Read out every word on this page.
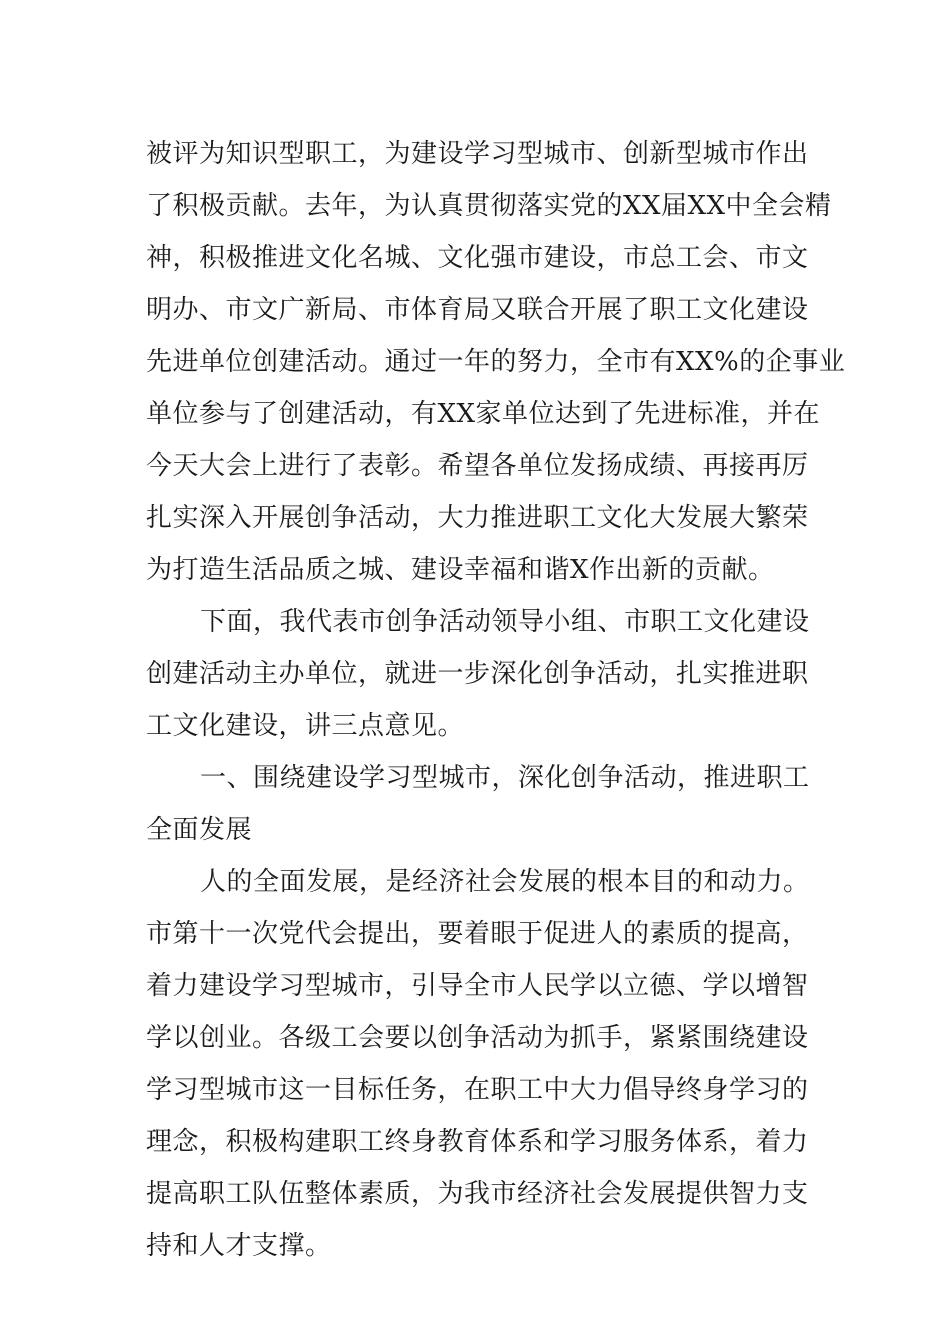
被评为知识型职工，为建设学习型城市、创新型城市作出
了积极贡献。去年，为认真贯彻落实党的XX届XX中全会精
神，积极推进文化名城、文化强市建设，市总工会、市文
明办、市文广新局、市体育局又联合开展了职工文化建设
先进单位创建活动。通过一年的努力，全市有XX%的企事业
单位参与了创建活动，有XX家单位达到了先进标准，并在
今天大会上进行了表彰。希望各单位发扬成绩、再接再厉
扎实深入开展创争活动，大力推进职工文化大发展大繁荣
为打造生活品质之城、建设幸福和谐X作出新的贡献。
下面，我代表市创争活动领导小组、市职工文化建设
创建活动主办单位，就进一步深化创争活动，扎实推进职
工文化建设，讲三点意见。
一、围绕建设学习型城市，深化创争活动，推进职工
全面发展
人的全面发展，是经济社会发展的根本目的和动力。
市第十一次党代会提出，要着眼于促进人的素质的提高，
着力建设学习型城市，引导全市人民学以立德、学以增智
学以创业。各级工会要以创争活动为抓手，紧紧围绕建设
学习型城市这一目标任务，在职工中大力倡导终身学习的
理念，积极构建职工终身教育体系和学习服务体系，着力
提高职工队伍整体素质，为我市经济社会发展提供智力支
持和人才支撑。
